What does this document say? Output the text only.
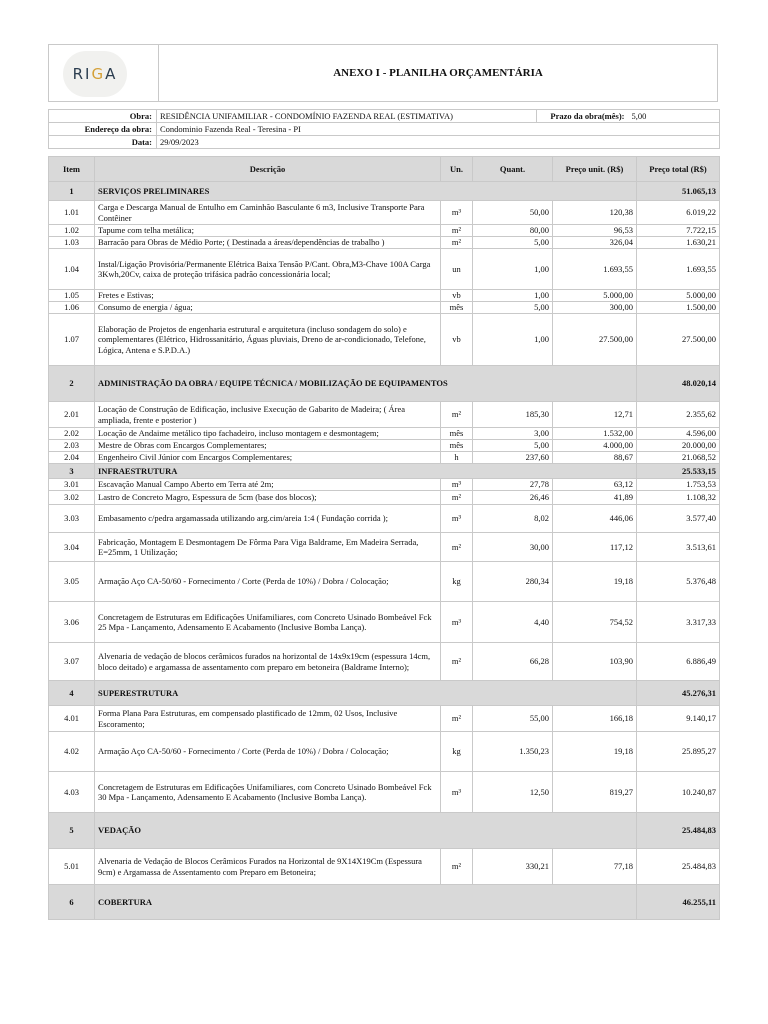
RI G A	ANEXO I - PLANILHA ORÇAMENTÁRIA
Obra:	RESIDÊNCIA UNIFAMILIAR - CONDOMÍNIO FAZENDA REAL (ESTIMATIVA)	Prazo da obra(mês):	5,00
Endereço da obra:	Condominio Fazenda Real - Teresina - PI		
Data:	29/09/2023		
Item	Descrição	Un.	Quant.	Preço unit. (R$)	Preço total (R$)
1	SERVIÇOS PRELIMINARES				51.065,13
1.01	Carga e Descarga Manual de Entulho em Caminhão Basculante 6 m3, Inclusive Transporte Para Contêiner	m³	50,00	120,38	6.019,22
1.02	Tapume com telha metálica;	m²	80,00	96,53	7.722,15
1.03	Barracão para Obras de Médio Porte; ( Destinada a áreas/dependências de trabalho )	m²	5,00	326,04	1.630,21
1.04	Instal/Ligação Provisória/Permanente Elétrica Baixa Tensão P/Cant. Obra,M3-Chave 100A Carga 3Kwh,20Cv, caixa de proteção trifásica padrão concessionária local;	un	1,00	1.693,55	1.693,55
1.05	Fretes e Estivas;	vb	1,00	5.000,00	5.000,00
1.06	Consumo de energia / água;	mês	5,00	300,00	1.500,00
1.07	Elaboração de Projetos de engenharia estrutural e arquitetura (incluso sondagem do solo) e complementares (Elétrico, Hidrossanitário, Águas pluviais, Dreno de ar-condicionado, Telefone, Lógica, Antena e S.P.D.A.)	vb	1,00	27.500,00	27.500,00
2	ADMINISTRAÇÃO DA OBRA / EQUIPE TÉCNICA / MOBILIZAÇÃO DE EQUIPAMENTOS				48.020,14
2.01	Locação de Construção de Edificação, inclusive Execução de Gabarito de Madeira; ( Área ampliada, frente e posterior )	m²	185,30	12,71	2.355,62
2.02	Locação de Andaime metálico tipo fachadeiro, incluso montagem e desmontagem;	mês	3,00	1.532,00	4.596,00
2.03	Mestre de Obras com Encargos Complementares;	mês	5,00	4.000,00	20.000,00
2.04	Engenheiro Civil Júnior com Encargos Complementares;	h	237,60	88,67	21.068,52
3	INFRAESTRUTURA				25.533,15
3.01	Escavação Manual Campo Aberto em Terra até 2m;	m³	27,78	63,12	1.753,53
3.02	Lastro de Concreto Magro, Espessura de 5cm (base dos blocos);	m²	26,46	41,89	1.108,32
3.03	Embasamento c/pedra argamassada utilizando arg.cim/areia 1:4 ( Fundação corrida );	m³	8,02	446,06	3.577,40
3.04	Fabricação, Montagem E Desmontagem De Fôrma Para Viga Baldrame, Em Madeira Serrada, E=25mm, 1 Utilização;	m²	30,00	117,12	3.513,61
3.05	Armação Aço CA-50/60 - Fornecimento / Corte (Perda de 10%) / Dobra / Colocação;	kg	280,34	19,18	5.376,48
3.06	Concretagem de Estruturas em Edificações Unifamiliares, com Concreto Usinado Bombeável Fck 25 Mpa - Lançamento, Adensamento E Acabamento (Inclusive Bomba Lança).	m³	4,40	754,52	3.317,33
3.07	Alvenaria de vedação de blocos cerâmicos furados na horizontal de 14x9x19cm (espessura 14cm, bloco deitado) e argamassa de assentamento com preparo em betoneira (Baldrame Interno);	m²	66,28	103,90	6.886,49
4	SUPERESTRUTURA				45.276,31
4.01	Forma Plana Para Estruturas, em compensado plastificado de 12mm, 02 Usos, Inclusive Escoramento;	m²	55,00	166,18	9.140,17
4.02	Armação Aço CA-50/60 - Fornecimento / Corte (Perda de 10%) / Dobra / Colocação;	kg	1.350,23	19,18	25.895,27
4.03	Concretagem de Estruturas em Edificações Unifamiliares, com Concreto Usinado Bombeável Fck 30 Mpa - Lançamento, Adensamento E Acabamento (Inclusive Bomba Lança).	m³	12,50	819,27	10.240,87
5	VEDAÇÃO				25.484,83
5.01	Alvenaria de Vedação de Blocos Cerâmicos Furados na Horizontal de 9X14X19Cm (Espessura 9cm) e Argamassa de Assentamento com Preparo em Betoneira;	m²	330,21	77,18	25.484,83
6	COBERTURA				46.255,11
